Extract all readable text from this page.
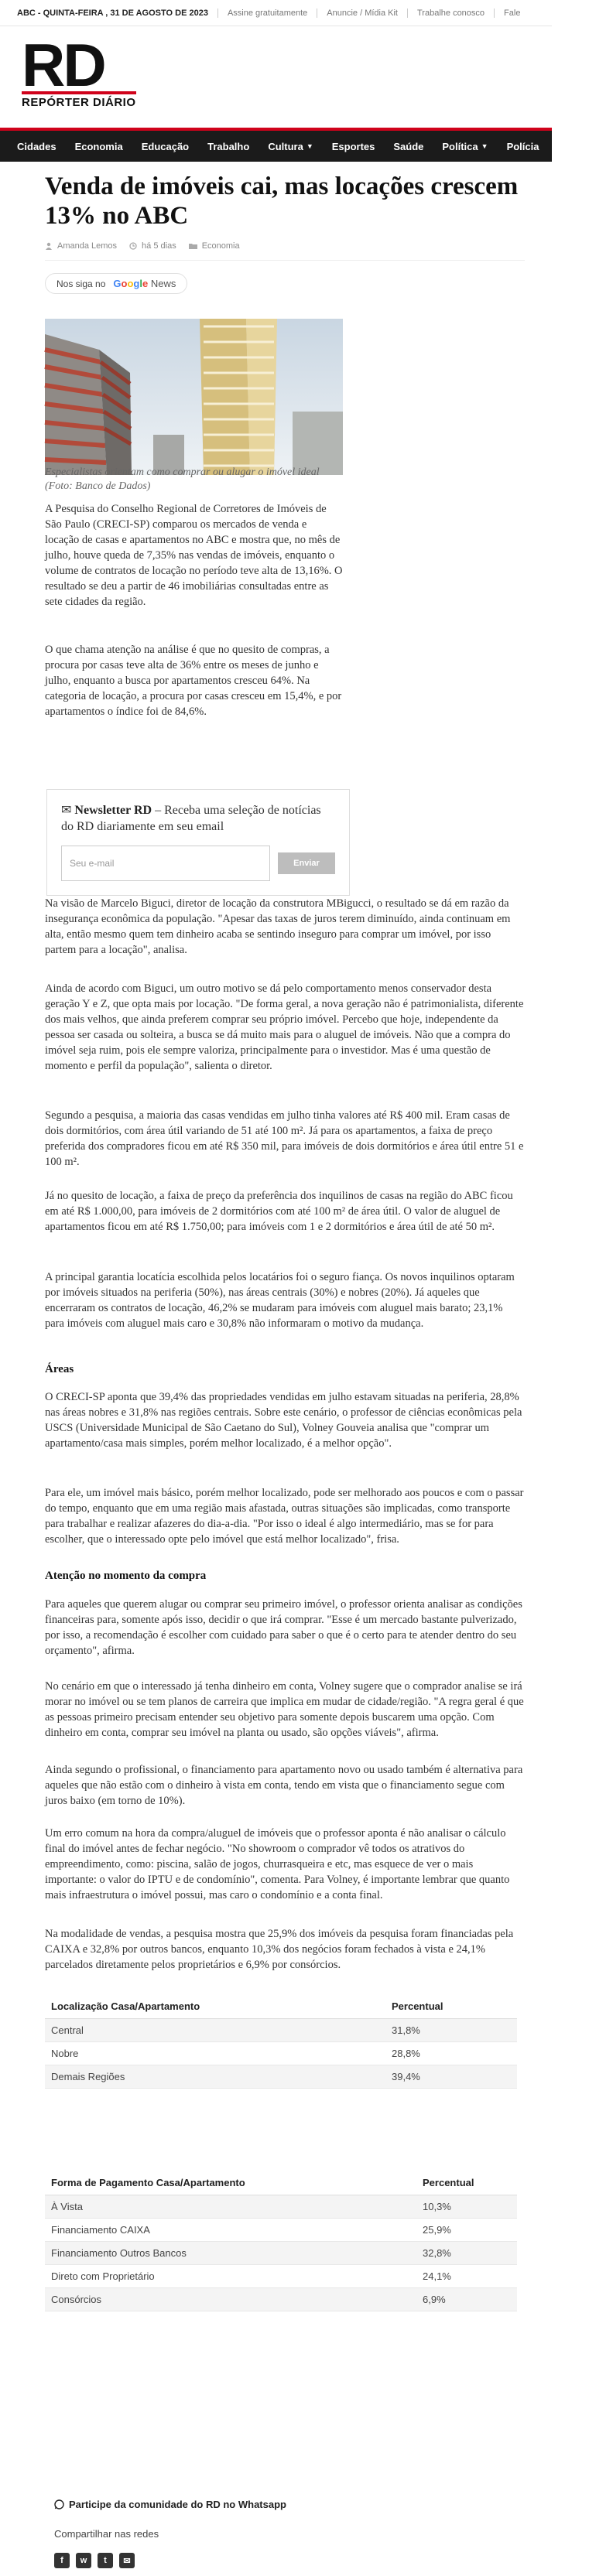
ABC - QUINTA-FEIRA , 31 DE AGOSTO DE 2023	Assine gratuitamente	Anuncie / Mídia Kit	Trabalhe conosco	Fale
RD
REPÓRTER DIÁRIO
Cidades Economia Educação Trabalho Cultura ▼ Esportes Saúde Política ▼ Polícia Mais
Venda de imóveis cai, mas locações crescem 13% no ABC
Amanda Lemos	há 5 dias	Economia
Nos siga no Google News

Especialistas orientam como comprar ou alugar o imóvel ideal (Foto: Banco de Dados)

A Pesquisa do Conselho Regional de Corretores de Imóveis de São Paulo (CRECI-SP) comparou os mercados de venda e locação de casas e apartamentos no ABC e mostra que, no mês de julho, houve queda de 7,35% nas vendas de imóveis, enquanto o volume de contratos de locação no período teve alta de 13,16%. O resultado se deu a partir de 46 imobiliárias consultadas entre as sete cidades da região.

O que chama atenção na análise é que no quesito de compras, a procura por casas teve alta de 36% entre os meses de junho e julho, enquanto a busca por apartamentos cresceu 64%. Na categoria de locação, a procura por casas cresceu em 15,4%, e por apartamentos o índice foi de 84,6%.

✉ Newsletter RD – Receba uma seleção de notícias do RD diariamente em seu email
Seu e-mail	Enviar

Na visão de Marcelo Biguci, diretor de locação da construtora MBigucci, o resultado se dá em razão da insegurança econômica da população. "Apesar das taxas de juros terem diminuído, ainda continuam em alta, então mesmo quem tem dinheiro acaba se sentindo inseguro para comprar um imóvel, por isso partem para a locação", analisa.

Ainda de acordo com Biguci, um outro motivo se dá pelo comportamento menos conservador desta geração Y e Z, que opta mais por locação. "De forma geral, a nova geração não é patrimonialista, diferente dos mais velhos, que ainda preferem comprar seu próprio imóvel. Percebo que hoje, independente da pessoa ser casada ou solteira, a busca se dá muito mais para o aluguel de imóveis. Não que a compra do imóvel seja ruim, pois ele sempre valoriza, principalmente para o investidor. Mas é uma questão de momento e perfil da população", salienta o diretor.

Segundo a pesquisa, a maioria das casas vendidas em julho tinha valores até R$ 400 mil. Eram casas de dois dormitórios, com área útil variando de 51 até 100 m². Já para os apartamentos, a faixa de preço preferida dos compradores ficou em até R$ 350 mil, para imóveis de dois dormitórios e área útil entre 51 e 100 m².

Já no quesito de locação, a faixa de preço da preferência dos inquilinos de casas na região do ABC ficou em até R$ 1.000,00, para imóveis de 2 dormitórios com até 100 m² de área útil. O valor de aluguel de apartamentos ficou em até R$ 1.750,00; para imóveis com 1 e 2 dormitórios e área útil de até 50 m².

A principal garantia locatícia escolhida pelos locatários foi o seguro fiança. Os novos inquilinos optaram por imóveis situados na periferia (50%), nas áreas centrais (30%) e nobres (20%). Já aqueles que encerraram os contratos de locação, 46,2% se mudaram para imóveis com aluguel mais barato; 23,1% para imóveis com aluguel mais caro e 30,8% não informaram o motivo da mudança.

Áreas

O CRECI-SP aponta que 39,4% das propriedades vendidas em julho estavam situadas na periferia, 28,8% nas áreas nobres e 31,8% nas regiões centrais. Sobre este cenário, o professor de ciências econômicas pela USCS (Universidade Municipal de São Caetano do Sul), Volney Gouveia analisa que "comprar um apartamento/casa mais simples, porém melhor localizado, é a melhor opção".

Para ele, um imóvel mais básico, porém melhor localizado, pode ser melhorado aos poucos e com o passar do tempo, enquanto que em uma região mais afastada, outras situações são implicadas, como transporte para trabalhar e realizar afazeres do dia-a-dia. "Por isso o ideal é algo intermediário, mas se for para escolher, que o interessado opte pelo imóvel que está melhor localizado", frisa.

Atenção no momento da compra

Para aqueles que querem alugar ou comprar seu primeiro imóvel, o professor orienta analisar as condições financeiras para, somente após isso, decidir o que irá comprar. "Esse é um mercado bastante pulverizado, por isso, a recomendação é escolher com cuidado para saber o que é o certo para te atender dentro do seu orçamento", afirma.

No cenário em que o interessado já tenha dinheiro em conta, Volney sugere que o comprador analise se irá morar no imóvel ou se tem planos de carreira que implica em mudar de cidade/região. "A regra geral é que as pessoas primeiro precisam entender seu objetivo para somente depois buscarem uma opção. Com dinheiro em conta, comprar seu imóvel na planta ou usado, são opções viáveis", afirma.

Ainda segundo o profissional, o financiamento para apartamento novo ou usado também é alternativa para aqueles que não estão com o dinheiro à vista em conta, tendo em vista que o financiamento segue com juros baixo (em torno de 10%).

Um erro comum na hora da compra/aluguel de imóveis que o professor aponta é não analisar o cálculo final do imóvel antes de fechar negócio. "No showroom o comprador vê todos os atrativos do empreendimento, como: piscina, salão de jogos, churrasqueira e etc, mas esquece de ver o mais importante: o valor do IPTU e de condomínio", comenta. Para Volney, é importante lembrar que quanto mais infraestrutura o imóvel possui, mas caro o condomínio e a conta final.

Na modalidade de vendas, a pesquisa mostra que 25,9% dos imóveis da pesquisa foram financiadas pela CAIXA e 32,8% por outros bancos, enquanto 10,3% dos negócios foram fechados à vista e 24,1% parcelados diretamente pelos proprietários e 6,9% por consórcios.

Localização Casa/Apartamento	Percentual
Central	31,8%
Nobre	28,8%
Demais Regiões	39,4%
Forma de Pagamento Casa/Apartamento	Percentual
À Vista	10,3%
Financiamento CAIXA	25,9%
Financiamento Outros Bancos	32,8%
Direto com Proprietário	24,1%
Consórcios	6,9%
Participe da comunidade do RD no Whatsapp
Compartilhar nas redes
f	w	t	✉
